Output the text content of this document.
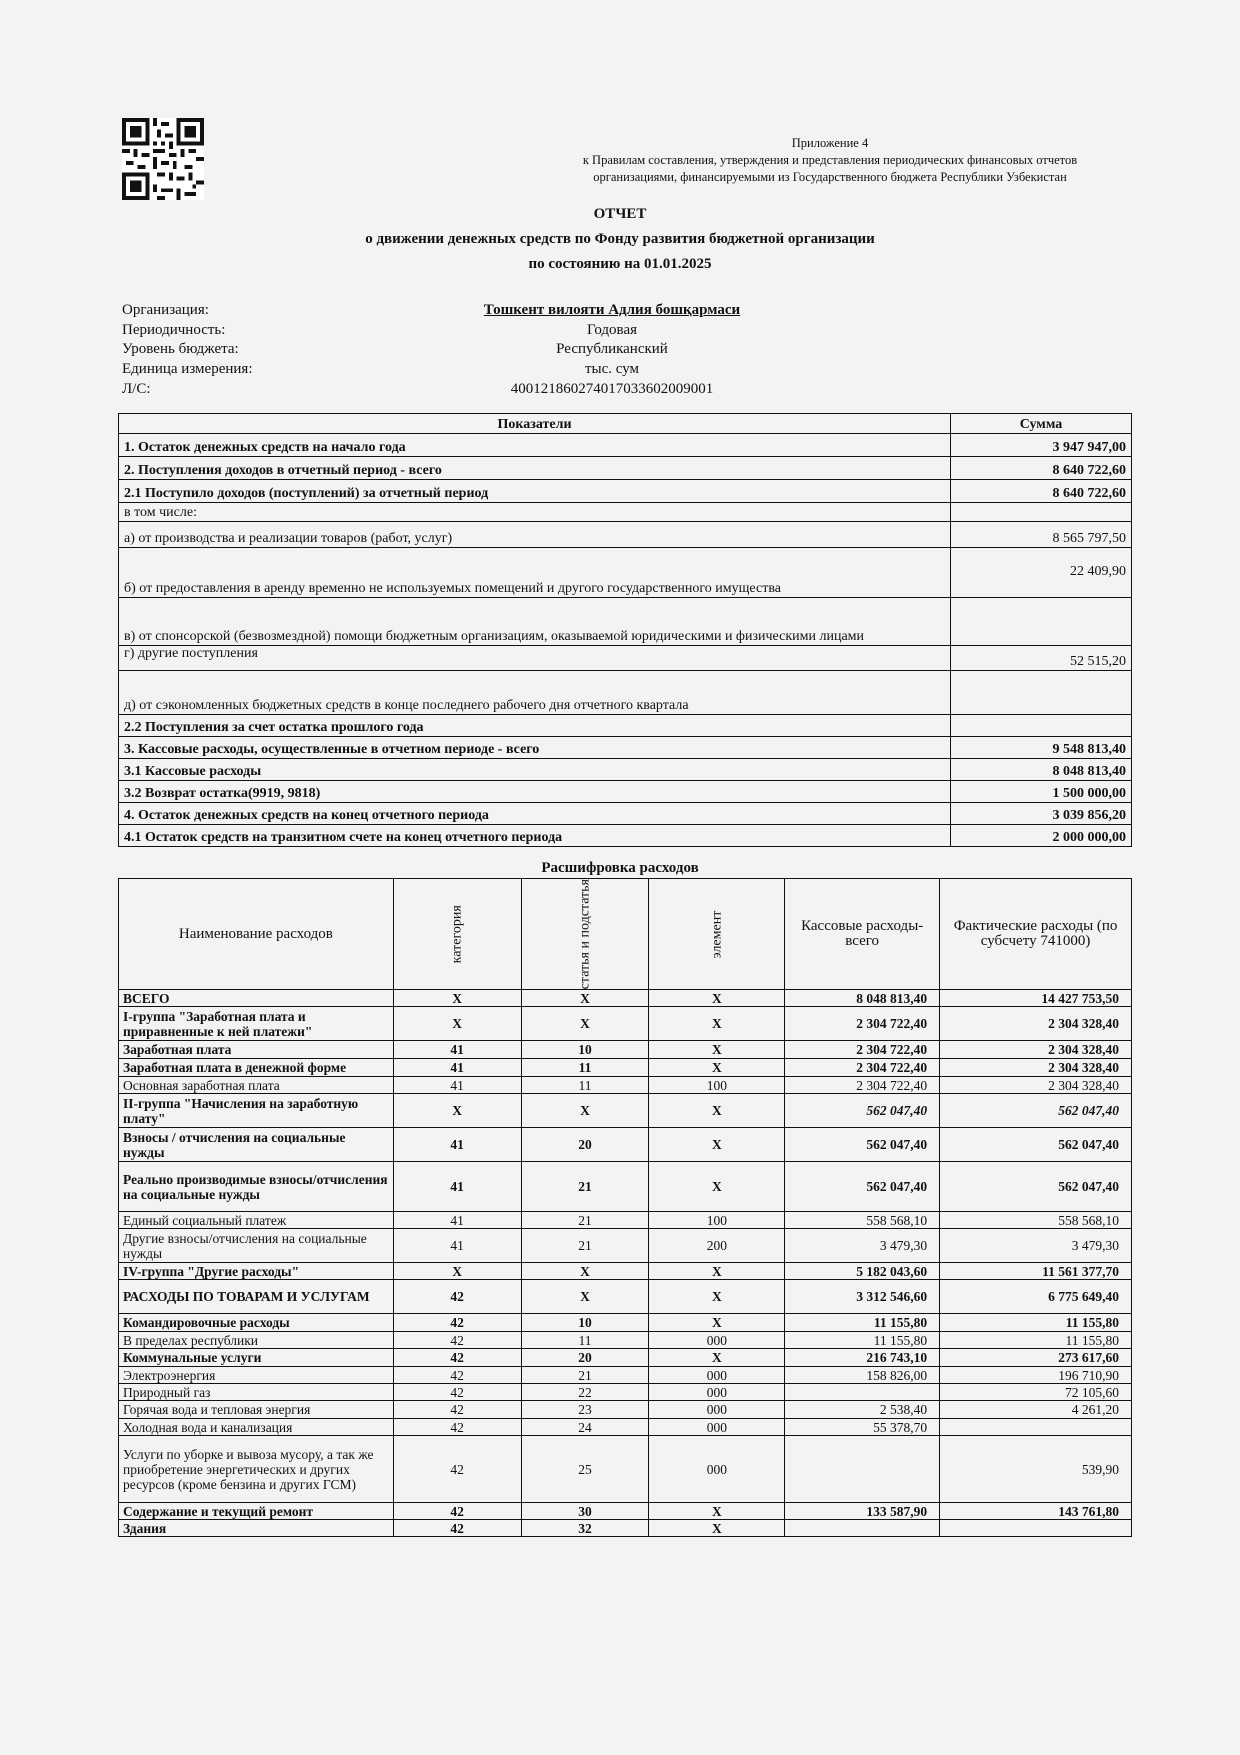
Приложение 4
к Правилам составления, утверждения и представления периодических финансовых отчетов
организациями, финансируемыми из Государственного бюджета Республики Узбекистан
ОТЧЕТ
о движении денежных средств по Фонду развития бюджетной организации
по состоянию на 01.01.2025
Организация:	Тошкент вилояти Адлия бошқармаси
Периодичность:	Годовая
Уровень бюджета:	Республиканский
Единица измерения:	тыс. сум
Л/С:	400121860274017033602009001
Показатели	Сумма
1. Остаток денежных средств на начало года	3 947 947,00
2. Поступления доходов в отчетный период - всего	8 640 722,60
2.1 Поступило доходов (поступлений) за отчетный период	8 640 722,60
в том числе:	
а) от производства и реализации товаров (работ, услуг)	8 565 797,50
б) от предоставления в аренду временно не используемых помещений и другого государственного имущества	22 409,90
в) от спонсорской (безвозмездной) помощи бюджетным организациям, оказываемой юридическими и физическими лицами	
г) другие поступления	52 515,20
д) от сэкономленных бюджетных средств в конце последнего рабочего дня отчетного квартала	
2.2 Поступления за счет остатка прошлого года	
3. Кассовые расходы, осуществленные в отчетном периоде - всего	9 548 813,40
3.1 Кассовые расходы	8 048 813,40
3.2 Возврат остатка(9919, 9818)	1 500 000,00
4. Остаток денежных средств на конец отчетного периода	3 039 856,20
4.1 Остаток средств на транзитном счете на конец отчетного периода	2 000 000,00
Расшифровка расходов
Наименование расходов	категория	статья и подстатья	элемент	Кассовые расходы-всего	Фактические расходы (по субсчету 741000)
ВСЕГО	X	X	X	8 048 813,40	14 427 753,50
I-группа "Заработная плата и приравненные к ней платежи"	X	X	X	2 304 722,40	2 304 328,40
Заработная плата	41	10	X	2 304 722,40	2 304 328,40
Заработная плата в денежной форме	41	11	X	2 304 722,40	2 304 328,40
Основная заработная плата	41	11	100	2 304 722,40	2 304 328,40
II-группа "Начисления на заработную плату"	X	X	X	562 047,40	562 047,40
Взносы / отчисления на социальные нужды	41	20	X	562 047,40	562 047,40
Реально производимые взносы/отчисления на социальные нужды	41	21	X	562 047,40	562 047,40
Единый социальный платеж	41	21	100	558 568,10	558 568,10
Другие взносы/отчисления на социальные нужды	41	21	200	3 479,30	3 479,30
IV-группа "Другие расходы"	X	X	X	5 182 043,60	11 561 377,70
РАСХОДЫ ПО ТОВАРАМ И УСЛУГАМ	42	X	X	3 312 546,60	6 775 649,40
Командировочные расходы	42	10	X	11 155,80	11 155,80
В пределах республики	42	11	000	11 155,80	11 155,80
Коммунальные услуги	42	20	X	216 743,10	273 617,60
Электроэнергия	42	21	000	158 826,00	196 710,90
Природный газ	42	22	000		72 105,60
Горячая вода и тепловая энергия	42	23	000	2 538,40	4 261,20
Холодная вода и канализация	42	24	000	55 378,70	
Услуги по уборке и вывоза мусору, а так же приобретение энергетических и других ресурсов (кроме бензина и других ГСМ)	42	25	000		539,90
Содержание и текущий ремонт	42	30	X	133 587,90	143 761,80
Здания	42	32	X		
